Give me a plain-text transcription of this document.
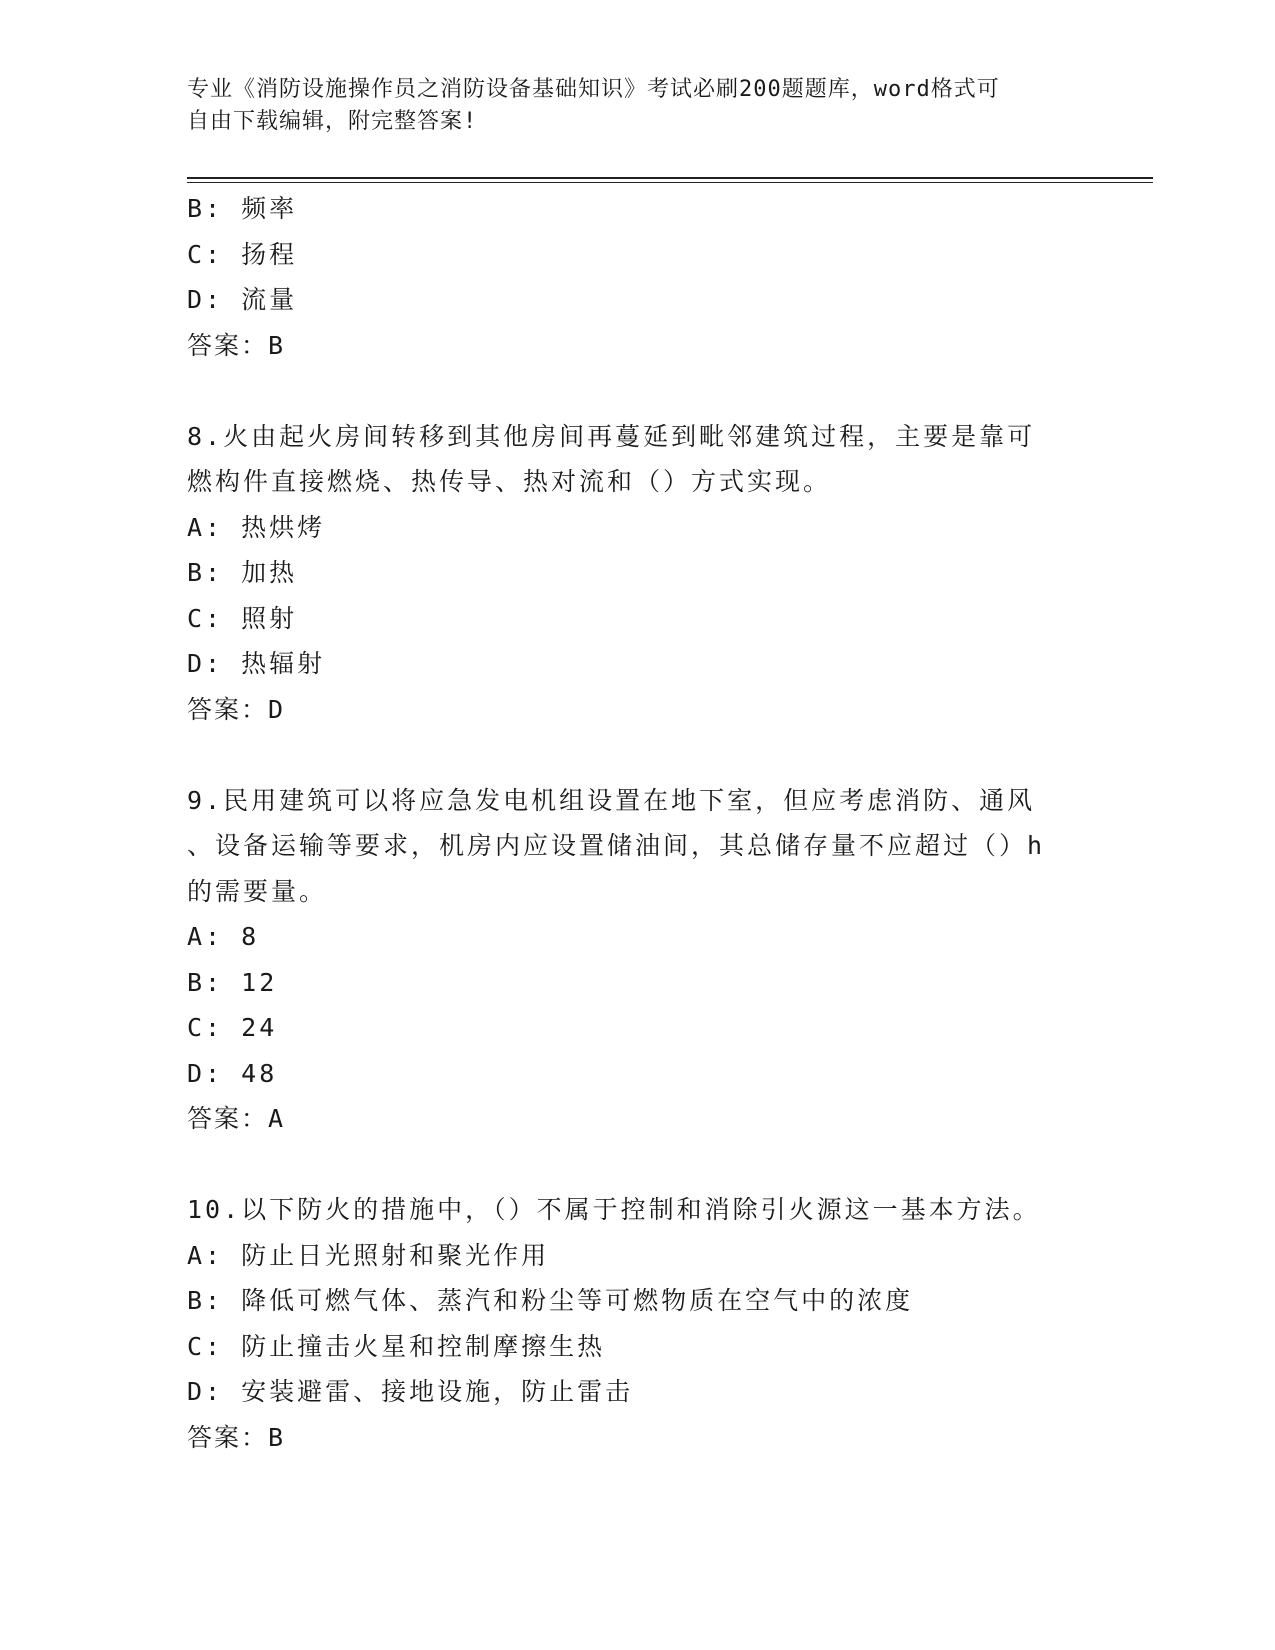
专业《消防设施操作员之消防设备基础知识》考试必刷200题题库，word格式可
自由下载编辑，附完整答案!
B: 频率
C: 扬程
D: 流量
答案：B
8.火由起火房间转移到其他房间再蔓延到毗邻建筑过程，主要是靠可
燃构件直接燃烧、热传导、热对流和（）方式实现。
A: 热烘烤
B: 加热
C: 照射
D: 热辐射
答案：D
9.民用建筑可以将应急发电机组设置在地下室，但应考虑消防、通风
、设备运输等要求，机房内应设置储油间，其总储存量不应超过（）h
的需要量。
A: 8
B: 12
C: 24
D: 48
答案：A
10.以下防火的措施中，（）不属于控制和消除引火源这一基本方法。
A: 防止日光照射和聚光作用
B: 降低可燃气体、蒸汽和粉尘等可燃物质在空气中的浓度
C: 防止撞击火星和控制摩擦生热
D: 安装避雷、接地设施，防止雷击
答案：B
